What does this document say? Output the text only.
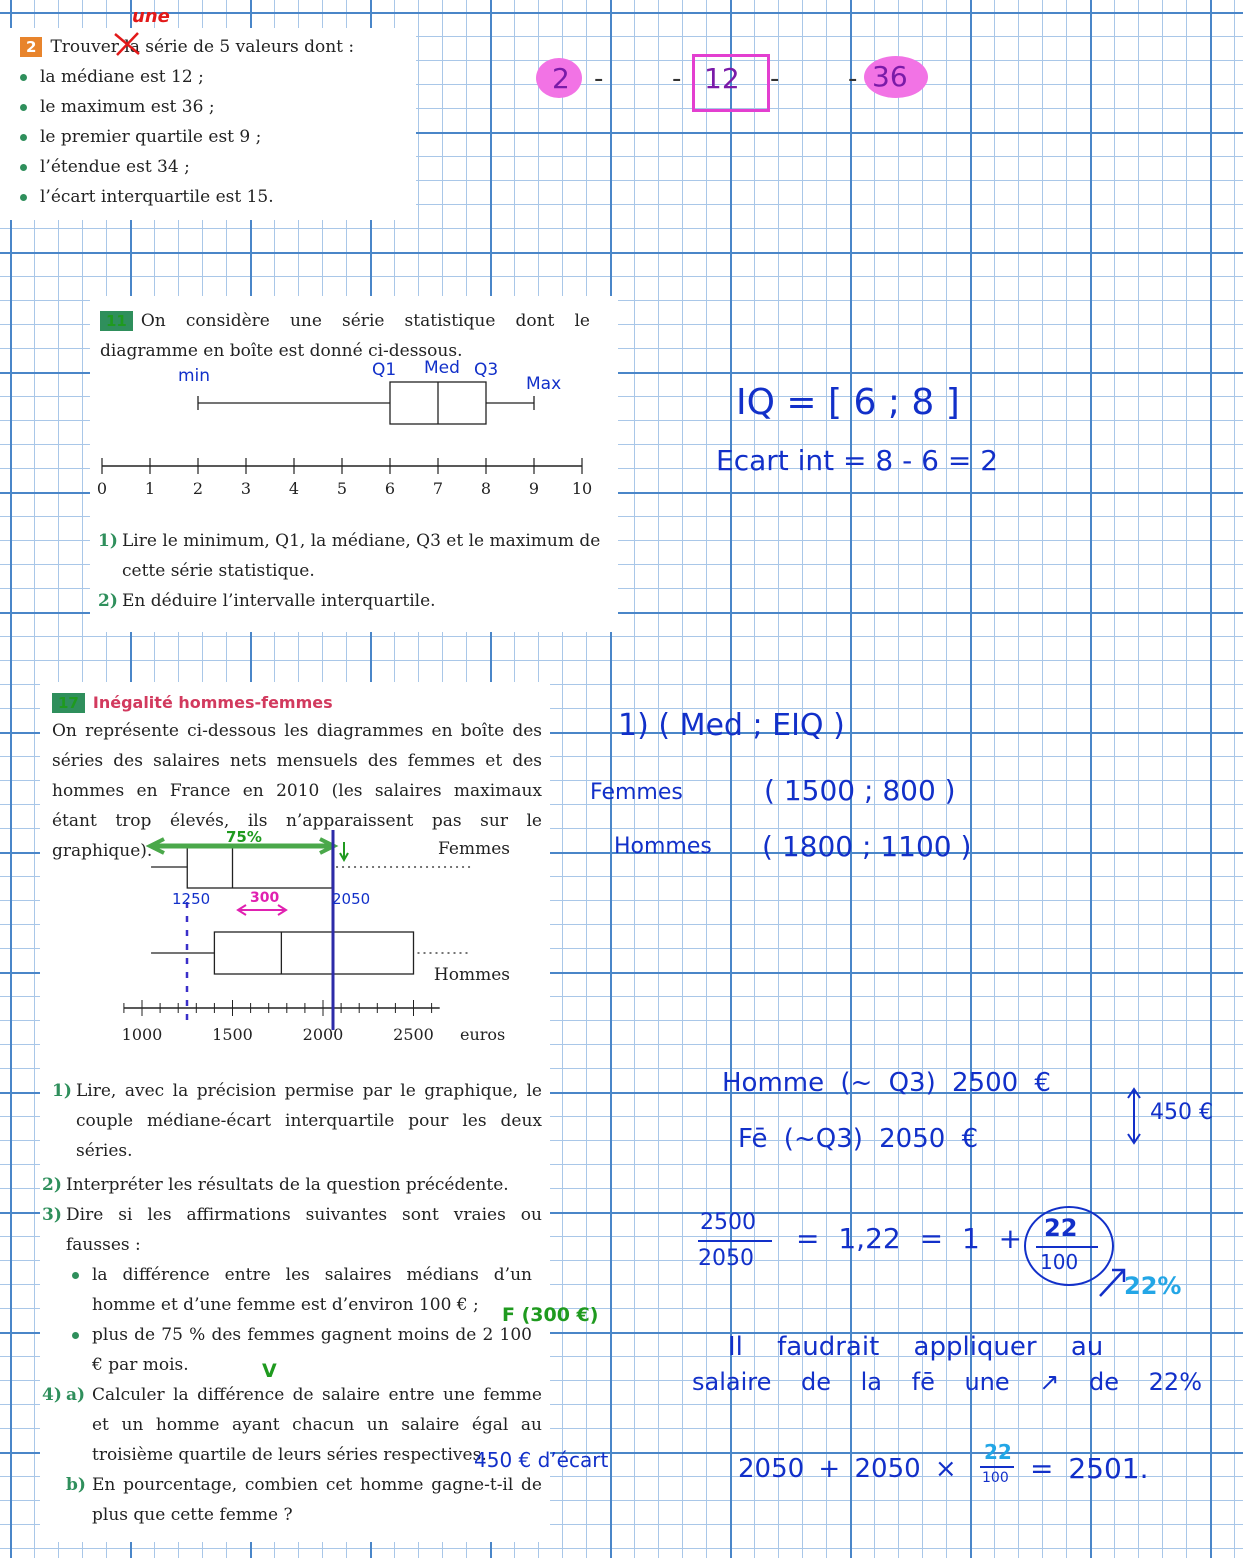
2 Trouver la série de 5 valeurs dont :
la médiane est 12 ;
le maximum est 36 ;
le premier quartile est 9 ;
l’étendue est 34 ;
l’écart interquartile est 15.
une
2 -	- 12 -	- 36
11 On considère une série statistique dont le diagramme en boîte est donné ci-dessous.
0 1 2 3 4 5 6 7 8 9 10
1) Lire le minimum, Q1, la médiane, Q3 et le maximum de cette série statistique.
2) En déduire l’intervalle interquartile.
min	Q1 Med Q3
Max	IQ = [ 6 ; 8 ]
Ecart int = 8 - 6 = 2
17 Inégalité hommes-femmes
On représente ci-dessous les diagrammes en boîte des séries des salaires nets mensuels des femmes et des hommes en France en 2010 (les salaires maximaux étant trop élevés, ils n’apparaissent pas sur le graphique).
1000	1500	2000	2500 euros
Femmes
Hommes
1) Lire, avec la précision permise par le graphique, le couple médiane-écart interquartile pour les deux séries.
2) Interpréter les résultats de la question précédente.
3) Dire si les affirmations suivantes sont vraies ou fausses :
la différence entre les salaires médians d’un homme et d’une femme est d’environ 100 € ;
plus de 75 % des femmes gagnent moins de 2 100 € par mois.
4) a) Calculer la différence de salaire entre une femme et un homme ayant chacun un salaire égal au troisième quartile de leurs séries respectives.
b) En pourcentage, combien cet homme gagne-t-il de plus que cette femme ?
75%
1250	300	2050
F (300 €)
V
450 € d’écart
1) ( Med ; EIQ )
Femmes	( 1500 ; 800 )
Hommes ( 1800 ; 1100 )
Homme (~ Q3) 2500 €
Fē (~Q3) 2050 €
450 €
2500
2050
= 1,22 = 1 + 22
100
22%
Il faudrait appliquer au
salaire de la fē une ↗ de 22%
2050 + 2050 ×
22
100 = 2501.
